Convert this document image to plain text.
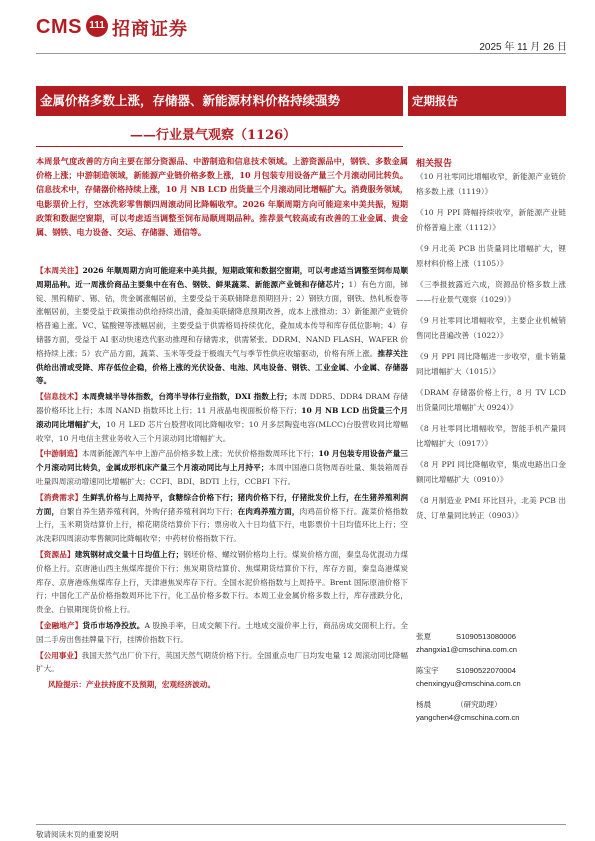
CMS 111 招商证券
2025 年 11 月 26 日
金属价格多数上涨，存储器、新能源材料价格持续强势	定期报告
——行业景气观察（1126）
本周景气度改善的方向主要在部分资源品、中游制造和信息技术领域。上游资源品中，钢铁、多数金属价格上涨；中游制造领域，新能源产业链价格多数上涨，10 月包装专用设备产量三个月滚动同比转负。信息技术中，存储器价格持续上涨，10 月 NB LCD 出货量三个月滚动同比增幅扩大。消费服务领域，电影票价上行，空冰洗彩零售额四周滚动同比降幅收窄。2026 年顺周期方向可能迎来中美共振，短期政策和数据空窗期，可以考虑适当调整至饲布局顺周期品种。推荐景气较高或有改善的工业金属、贵金属、钢铁、电力设备、交运、存储器、通信等。

【本周关注】2026 年顺周期方向可能迎来中美共振，短期政策和数据空窗期，可以考虑适当调整至饲布局顺周期品种。近一周涨价商品主要集中在有色、钢铁、鲜果蔬菜、新能源产业链和存储芯片；1）有色方面，锑锭、黑钨精矿、锡、钴，贵金属涨幅居前，主要受益于美联储降息预期回升；2）钢铁方面，钢铁、热轧板卷等涨幅居前，主要受益于政策推动供给持续出清，叠加美联储降息预期改善，成本上涨推动；3）新能源产业链价格普遍上涨。VC、锰酸锂等涨幅居前，主要受益于供需格局持续优化，叠加成本传导和库存低位影响；4）存储器方面，受益于 AI 驱动快速迭代驱动推理和存储需求，供需紧张。DDRM、NAND FLASH、WAFER 价格持续上涨；5）农产品方面，蔬菜、玉米等受益于极端天气与季节性供应收缩驱动，价格有所上涨。推荐关注供给出清或受降、库存低位企稳，价格上涨的光伏设备、电池、风电设备、钢铁、工业金属、小金属、存储器等。

【信息技术】本周费城半导体指数，台湾半导体行业指数，DXI 指数上行；本周 DDR5、DDR4 DRAM 存储器价格环比上行；本周 NAND 指数环比上行；11 月液晶电视面板价格下行；10 月 NB LCD 出货量三个月滚动同比增幅扩大，10 月 LED 芯片台股营收同比降幅收窄；10 月多层陶瓷电容(MLCC)台股营收同比增幅收窄，10 月电信主营业务收入三个月滚动同比增幅扩大。

【中游制造】本周新能源汽车中上游产品价格多数上涨；光伏价格指数周环比下行；10 月包装专用设备产量三个月滚动同比转负，金属成形机床产量三个月滚动同比与上月持平；本周中国港口货物周吞吐量、集装箱周吞吐量四周滚动增速同比增幅扩大；CCFI、BDI、BDTI 上行，CCBFI 下行。

【消费需求】生鲜乳价格与上周持平，食糖综合价格下行；猪肉价格下行，仔猪批发价上行，在生猪养殖利润方面，自繁自养生猪养殖利润，外购仔猪养殖利润均下行；在肉鸡养殖方面，肉鸡苗价格下行。蔬菜价格指数上行，玉米期货结算价上行，棉花期货结算价下行；票房收入十日均值下行，电影票价十日均值环比上行；空冰洗彩四周滚动零售额同比降幅收窄；中药材价格指数下行。

【资源品】建筑钢材成交量十日均值上行；钢坯价格、螺纹钢价格均上行。煤炭价格方面，秦皇岛优混动力煤价格上行。京唐港山西主焦煤库提价下行；焦炭期货结算价、焦煤期货结算价下行，库存方面，秦皇岛港煤炭库存、京唐港炼焦煤库存上行，天津港焦炭库存下行。全国水泥价格指数与上周持平。Brent 国际原油价格下行；中国化工产品价格指数周环比下行，化工品价格多数下行。本周工业金属价格多数上行，库存涨跌分化，贵金、白银期现货价格上行。

【金融地产】货币市场净投放。A 股换手率，日成交额下行。土地成交溢价率上行，商品房成交面积上行。全国二手房出售挂牌量下行，挂牌价指数下行。

【公用事业】我国天然气出厂价下行，英国天然气期货价格下行。全国重点电厂日均发电量 12 周滚动同比降幅扩大。

风险提示：产业扶持度不及预期，宏观经济波动。

相关报告
《10 月社零同比增幅收窄，新能源产业链价格多数上涨（1119）》
《10 月 PPI 降幅持续收窄，新能源产业链价格普遍上涨（1112）》
《9 月北美 PCB 出货量同比增幅扩大，锂原材料价格上涨（1105）》
《三季报披露近六成，资源品价格多数上涨——行业景气观察（1029）》
《9 月社零同比增幅收窄，主要企业机械销售同比普遍改善（1022）》
《9 月 PPI 同比降幅进一步收窄，重卡销量同比增幅扩大（1015）》
《DRAM 存储器价格上行，8 月 TV LCD 出货量同比增幅扩大 0924）》
《8 月社零同比增幅收窄，智能手机产量同比增幅扩大（0917）》
《8 月 PPI 同比降幅收窄，集成电路出口金额同比增幅扩大（0910）》
《8 月制造业 PMI 环比回升，北美 PCB 出货、订单量同比转正（0903）》
张夏	S1090513080006
zhangxia1@cmschina.com.cn
陈宝宇	S1090522070004
chenxingyu@cmschina.com.cn
杨晨	（研究助理）
yangchen4@cmschina.com.cn
敬请阅读末页的重要说明
